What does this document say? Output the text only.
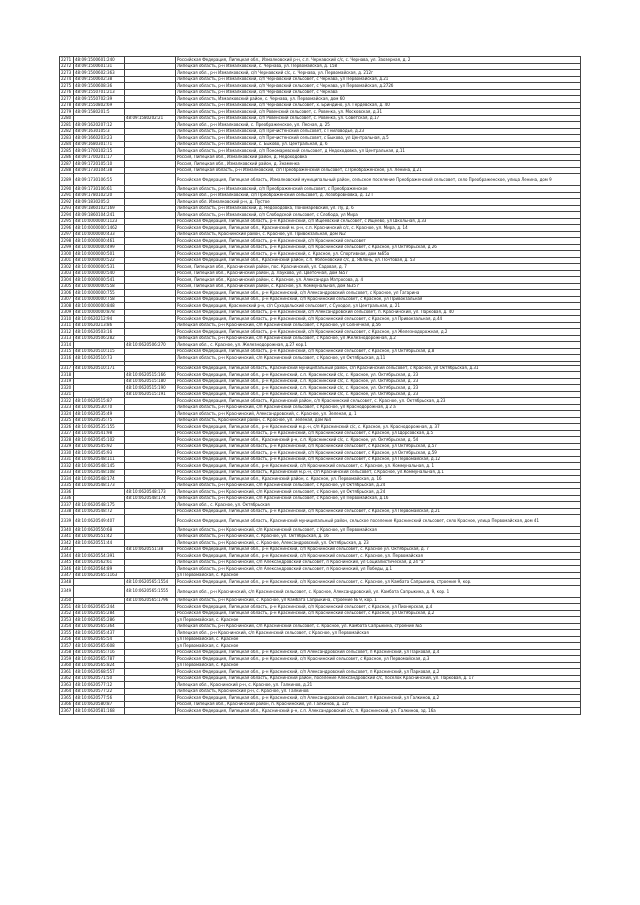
2271	48:09:1500601:240		Российская Федерация, Липецкая обл., Измалковский р-н, с.п. Чернавский с/с, с. Чернава, ул. Заозерная, д. 2
2272	48:09:1500601:31		Липецкая область, р-н Измалковский, с. Чернава, ул. Первомайская, д. 158
2273	48:09:1500602:363		Липецкая обл., р-н Измалковский, с/п Чернавский с/с, с. Чернава, ул. Первомайская, д. 212г
2274	48:09:1500602:38		Липецкая область, р-н Измалковский, с/п Чернавский сельсовет, с Чернава, ул Первомайская, д.21
2275	48:09:1500608:36		Липецкая область, р-н Измалковский, с/п Чернавский сельсовет, с Чернава, ул Первомайская, д.272б
2276	48:09:1550701:213		Липецкая область, р-н Измалковский, с/п Чернавский сельсовет, с Чернава
2277	48:09:1550702:39		Липецкая область, Измалковский район, с. Чернава, ул. Первомайская, дом 60
2278	48:09:1550802:69		Липецкая область, р-н Измалковский, с/п Чернавский сельсовет, х. Бриндино, ул. Гердевская, д. 40
2279	48:09:1580201:5		Липецкая область, р-н Измалковский, с/п Ровенский сельсовет, с. Ровенка, ул. Московская, д.31
2280		48:09:1580202:21	Липецкая область, р-н Измалковский, с/п Ровенский сельсовет, с. Ровенка, ул. Советская, д.17
2281	48:09:1620207:12		Липецкая обл., р-н Измалковский, с. Преображенское, ул. Лесная, д. 25
2282	48:09:1630105:3		Липецкая область, р-н Измалковский, с/п Пречистенский сельсовет, с Гниловодье, д.23
2283	48:09:1660203:23		Липецкая область, р-н Измалковский, с/п Пречистенский сельсовет, с Быково, ул Центральная, д.5
2284	48:09:1680301:71		Липецкая область, р-н Измалковский, с. Быково, ул. Центральная, д. 6
2285	48:09:1700102:15		Липецкая область, р-н Измалковский, с/п Пономаревский сельсовет, д Недоходовка, ул Центральная, д.11
2286	48:09:1700201:17		Россия, Липецкая обл., Измалковский район, д. Недоходовка
2287	48:09:1720105:10		Россия, Липецкая обл., Измалковский район, д. Знаменка
2288	48:09:1730104:38		Россия, Липецкая область, р-н Измалковский, с/п Преображенский сельсовет, с.Преображенское, ул. Ленина, д.21
2289	48:09:1730106:55		Российская Федерация, Липецкая область, Измалковский муниципальный район, сельское поселение Преображенский сельсовет, село Преображенское, улица Ленина, дом 9
2290	48:09:1730106:61		Липецкая область, р-н Измалковский, с/п Преображенский сельсовет, с Преображенское
2291	48:09:1780102:20		Липецкая обл., р-н Измалковский, с/п Преображенский сельсовет, д. Лозобровновка, д. 12 Г
2292	48:09:1830205:2		Липецкая обл. Измалковский р-н, д. Пустое
2293	48:09:1860102:169		Липецкая область, р-н Измалковский, д. Недоходовка, Пономаревский, ул. Лу, д. 6
2294	48:09:1860104:241		Липецкая область, р-н Измалковский, с/п Слободской сельсовет, с Слобода, ул Мира
2295	48:10:0000000:1123		Российская Федерация, Липецкая область, р-н Краснинский, с/п Ищеевский сельсовет, с Ищеево, ул Школьная, д.33
2296	48:10:0000000:1462		Российская Федерация, Липецкая обл., Краснинский м. р-н, с.п. Краснинский с/с, с. Красное, ул. Мира, д. 14
2297	48:10:0000000:433		Липецкая область, Краснинский район, с. Красное, ул. Привокзальная, дом №2
2298	48:10:0000000:461		Российская Федерация, Липецкая область, р-н Краснинский, с/п Краснинский сельсовет
2299	48:10:0000000:499		Российская Федерация, Липецкая область, р-н Краснинский, с/п Краснинский сельсовет, с Красное, ул Октябрьская, д 26
2300	48:10:0000000:501		Российская Федерация, Липецкая область, р-н Краснинский, с. Красное, ул. Спортивная, дом №65а
2301	48:10:0000000:522		Российская Федерация, Липецкая обл., Краснинский район, с.п. Яблоновский с/с, д. Яблонь, ул. Почтовая, д. 53
2302	48:10:0000000:531		Россия, Липецкая обл., Краснинский район, пос. Краснинский, ул. Садовая, д. 7
2303	48:10:0000000:540		Россия, Липецкая обл., Краснинский район, д. Лауково, ул. Цветочная, дом №57
2304	48:10:0000000:541		Россия, Липецкая обл., Краснинский район, с. Красное, ул. Александра Матросова, д. 4
2305	48:10:0000000:558		Россия, Липецкая обл., Краснинский район, с. Красное, ул. Коммунальная, дом №35 г
2306	48:10:0000000:755		Российская Федерация, Липецкая обл., р-н Краснинский, с/п Александровский сельсовет, с Красное, ул Гагарина
2307	48:10:0000000:758		Российская Федерация, Липецкая обл., р-н Краснинский, с/п Краснинский сельсовет, с Красное, ул Привокзальная
2308	48:10:0000000:848		Российская Федерация, Краснинский р-н, с/п Суходольский сельсовет, с Суходол, ул Центральная, д. 21
2309	48:10:0000000:878		Российская Федерация, Липецкая область, р-н Краснинский, с/п Александровский сельсовет, п. Краснинский, ул. Парковая, д. 40
2310	48:10:0620212:94		Российская Федерация, Липецкая область, р-н Краснинский, с/п Краснинский сельсовет, с Красное, ул Привокзальная, д.44
2311	48:10:0620213:86		Липецкая область, р-н Краснинский, с/п Краснинский сельсовет, с Красное, ул Солнечная, д.56
2312	48:10:0620503:16		Российская Федерация, Липецкая область, р-н Краснинский, с/п Краснинский сельсовет, с Красное, ул Железнодорожная, д.2
2313	48:10:0620506:282		Липецкая область, р-н Краснинский, с/п Краснинский сельсовет, с Красное, ул Железнодорожная, д.2
2314		48:10:0620506:270	Липецкая обл., с. Красное, ул. Железнодорожная, д.27 кор.1
2315	48:10:0620510:115		Российская Федерация, Липецкая область, р-н Краснинский, с/п Краснинский сельсовет, с Красное, ул Октябрьская, д.8
2316	48:10:0620510:73		Липецкая область, р-н Краснинский, с/п Краснинский сельсовет, с Красное, ул Октябрьская, д.11

2317	48:10:0620510:171		Российская Федерация, Липецкая область, Краснинский муниципальный район, с/п Краснинский сельсовет, с Красное, ул Октябрьская, д.31
2318		48:10:0620515:166	Российская Федерация, Липецкая обл., р-н Краснинский, с.п. Краснинский с/с, с. Красное, ул. Октябрьская, д. 23
2319		48:10:0620515:180	Российская Федерация, Липецкая обл., р-н Краснинский, с.п. Краснинский с/с, с. Красное, ул. Октябрьская, д. 23
2320		48:10:0620515:190	Российская Федерация, Липецкая обл., р-н Краснинский, с.п. Краснинский с/с, с. Красное, ул. Октябрьская, д. 23
2321		48:10:0620515:191	Российская Федерация, Липецкая обл., р-н Краснинский, с.п. Краснинский с/с, с. Красное, ул. Октябрьская, д. 23
2322	48:10:0620515:87		Российская Федерация, Липецкая область, Краснинский район, с/п Краснинский сельсовет, с. Красное, ул. Октябрьская, д.23
2323	48:10:0620530:70		Липецкая область, р-н Краснинский, с/п Краснинский сельсовет, с Красное, ул Краснодорожная, д 2 а
2324	48:10:0620535:49		Липецкая область, р-н Краснинский, Александровский, с. Красное, ул. Зеленая, д. 1
2325	48:10:0620535:75		Липецкая область, Краснинский район, с. Красное, ул. Зеленая, дом №4
2326	48:10:0620535:155		Российская Федерация, Липецкая обл., р-н Краснинский м.р.-н, с/п Краснинский с/с, с. Красное, ул. Краснодорожная, д. 37
2327	48:10:0620541:98		Российская Федерация, Липецкая область, р-н Краснинский, с/п Краснинский сельсовет, с Красное, ул Щорсовская, д.5
2328	48:10:0620545:102		Российская Федерация, Липецкая обл., Краснинский р-н, с.п. Краснинский с/с, с. Красное, ул. Октябрьская, д. 54
2329	48:10:0620545:92		Российская Федерация, Липецкая область, р-н Краснинский, с/п Краснинский сельсовет, с Красное, ул Октябрьская, д.57
2330	48:10:0620545:93		Российская Федерация, Липецкая область, р-н Краснинский, с/п Краснинский сельсовет, с Красное, ул Октябрьская, д.59
2331	48:10:0620548:111		Российская Федерация, Липецкая область, р-н Краснинский, с/п Краснинский сельсовет, с Красное, ул Первомайская, д.12
2332	48:10:0620548:145		Российская Федерация, Липецкая обл., р-н Краснинский, с/п Краснинский сельсовет, с. Красное, ул. Коммунальная, д. 1
2333	48:10:0620548:108		Российская Федерация, Липецкая область, Краснинский м.р.-н, с/п Краснинский сельсовет, с.Красное, ул.Коммунальная, д.1
2334	48:10:0620548:174		Российская Федерация, Липецкая обл., Краснинский район, с. Красное, ул. Первомайская, д. 16
2335	48:10:0620548:173		Липецкая область, р-н Краснинский, с/п Краснинский сельсовет, с Красное, ул Октябрьская, д.24
2336		48:10:0620548:173	Липецкая область, р-н Краснинский, с/п Краснинский сельсовет, с Красное, ул Октябрьская, д.24
2336		48:10:0620548:174	Липецкая область, р-н Краснинский, с/п Краснинский сельсовет, с Красное, ул Первомайская, д.16
2337	48:10:0620548:175		Липецкая обл., с. Красное, ул. Октябрьская
2338	48:10:0620548:72		Российская Федерация, Липецкая область, р-н Краснинский, с/п Краснинский сельсовет, с Красное, ул Первомайская, д.21
2339	48:10:0620549:407		Российская Федерация, Липецкая область, Краснинский муниципальный район, сельское поселение Краснинский сельсовет, село Красное, улица Первомайская, дом 41
2340	48:10:0620550:68		Липецкая область, р-н Краснинский, с/п Краснинский сельсовет, с Красное, ул Первомайская
2341	48:10:0620551:42		Липецкая область, р-н Краснинский, с. Красное, ул. Октябрьская, д. 16
2342	48:10:0620551:44		Липецкая область, р-н Краснинский, с. Красное, Александровский, ул. Октябрьская, д. 23
2343		48:10:0620551:38	Российская Федерация, Липецкая обл., р-н Краснинский, с/п Краснинский сельсовет, с. Красное ул. Октябрьская, д. 7
2344	48:10:0620554:391		Российская Федерация, Липецкая обл., р-н Краснинский, с/п Краснинский сельсовет, с. Красное, ул. Первомайская
2345	48:10:0620562:61		Липецкая область, р-н Краснинский, с/п Александровский сельсовет, п Краснинский, ул Социалистическая, д 24 "а"
2346	48:10:0620564:89		Липецкая область, р-н Краснинский, с/п Александровский сельсовет, п Краснинский, ул Победы, д.1
2347	48:10:0620565:1163		ул Первомайская, с. Красное
2348		48:10:0620565:1554	Российская Федерация, Липецкая обл., р-н Краснинский, с/п Краснинский сельсовет, с. Красное, ул Камбата Сапрыкина, строение 9, кор.
2349		48:10:0620565:1555	Липецкая обл., р-н Краснинский, с/п Краснинский сельсовет, с. Красное, Александровский, ул. Камбата Сапрыкина, д. 9, кор. 1
2350		48:10:0620565:1796	Липецкая область, р-н Краснинский, с. Красное, ул Камбата Сапрыкина, строение № 9, кор. 1
2351	48:10:0620565:244		Российская Федерация, Липецкая область, р-н Краснинский, с/п Краснинский сельсовет, с Красное, ул Пионерская, д.4
2352	48:10:0620565:284		Российская Федерация, Липецкая область, р-н Краснинский, с/п Краснинский сельсовет, с Красное, ул Октябрьская, д.2
2353	48:10:0620565:286		ул Первомайская, с. Красное
2354	48:10:0620565:364		Липецкая область, р-н Краснинский, с/п Краснинский сельсовет, с. Красное, ул. Камбата Сапрыкина, строение №5
2355	48:10:0620565:437		Липецкая обл., р-н Краснинский, с/п Краснинский сельсовет, с Красное, ул Первомайская
2356	48:10:0620565:54		ул Первомайская, с. Красное
2357	48:10:0620565:608		ул Первомайская, с. Красное
2358	48:10:0620565:716		Российская Федерация, Липецкая обл., р-н Краснинский, с/п Александровский сельсовет, п Краснинский, ул Парковая, д.4
2359	48:10:0620565:787		Российская Федерация, Липецкая обл., р-н Краснинский, с/п Краснинский сельсовет, с Красное, ул Первомайская, д.3
2360	48:10:0620565:824		ул Первомайская, с. Красное
2361	48:10:0620568:557		Российская Федерация, Липецкая обл., р-н Краснинский, с/п Александровский сельсовет, п Краснинский, ул Парковая, д.2
2362	48:10:0620571:50		Российская Федерация, Липецкая область, Краснинский район, поселение Александровский с/с, поселок Краснинский, ул. Парковая, д. 17
2363	48:10:0620577:12		Липецкая обл., Краснинский р-н, с. Красное, ул. Галкинов, д.21
2364	48:10:0620577:22		Липецкая область, Краснинский р-н, с. Красное, ул. Галкинов
2365	48:10:0620577:56		Российская Федерация, Липецкая обл., р-н Краснинский, с/п Александровский сельсовет, п Краснинский, ул Галкинов, д.2
2366	48:10:0620580:87		Россия, Липецкая обл., Краснинский район, п. Краснинский, ул. Галкинов, д. 12г
2367	48:10:0620581:168		Российская Федерация, Липецкая обл., Краснинский р-н, с.п. Александровский с/с, п. Краснинский, ул. Галкинов, зд. 16а
